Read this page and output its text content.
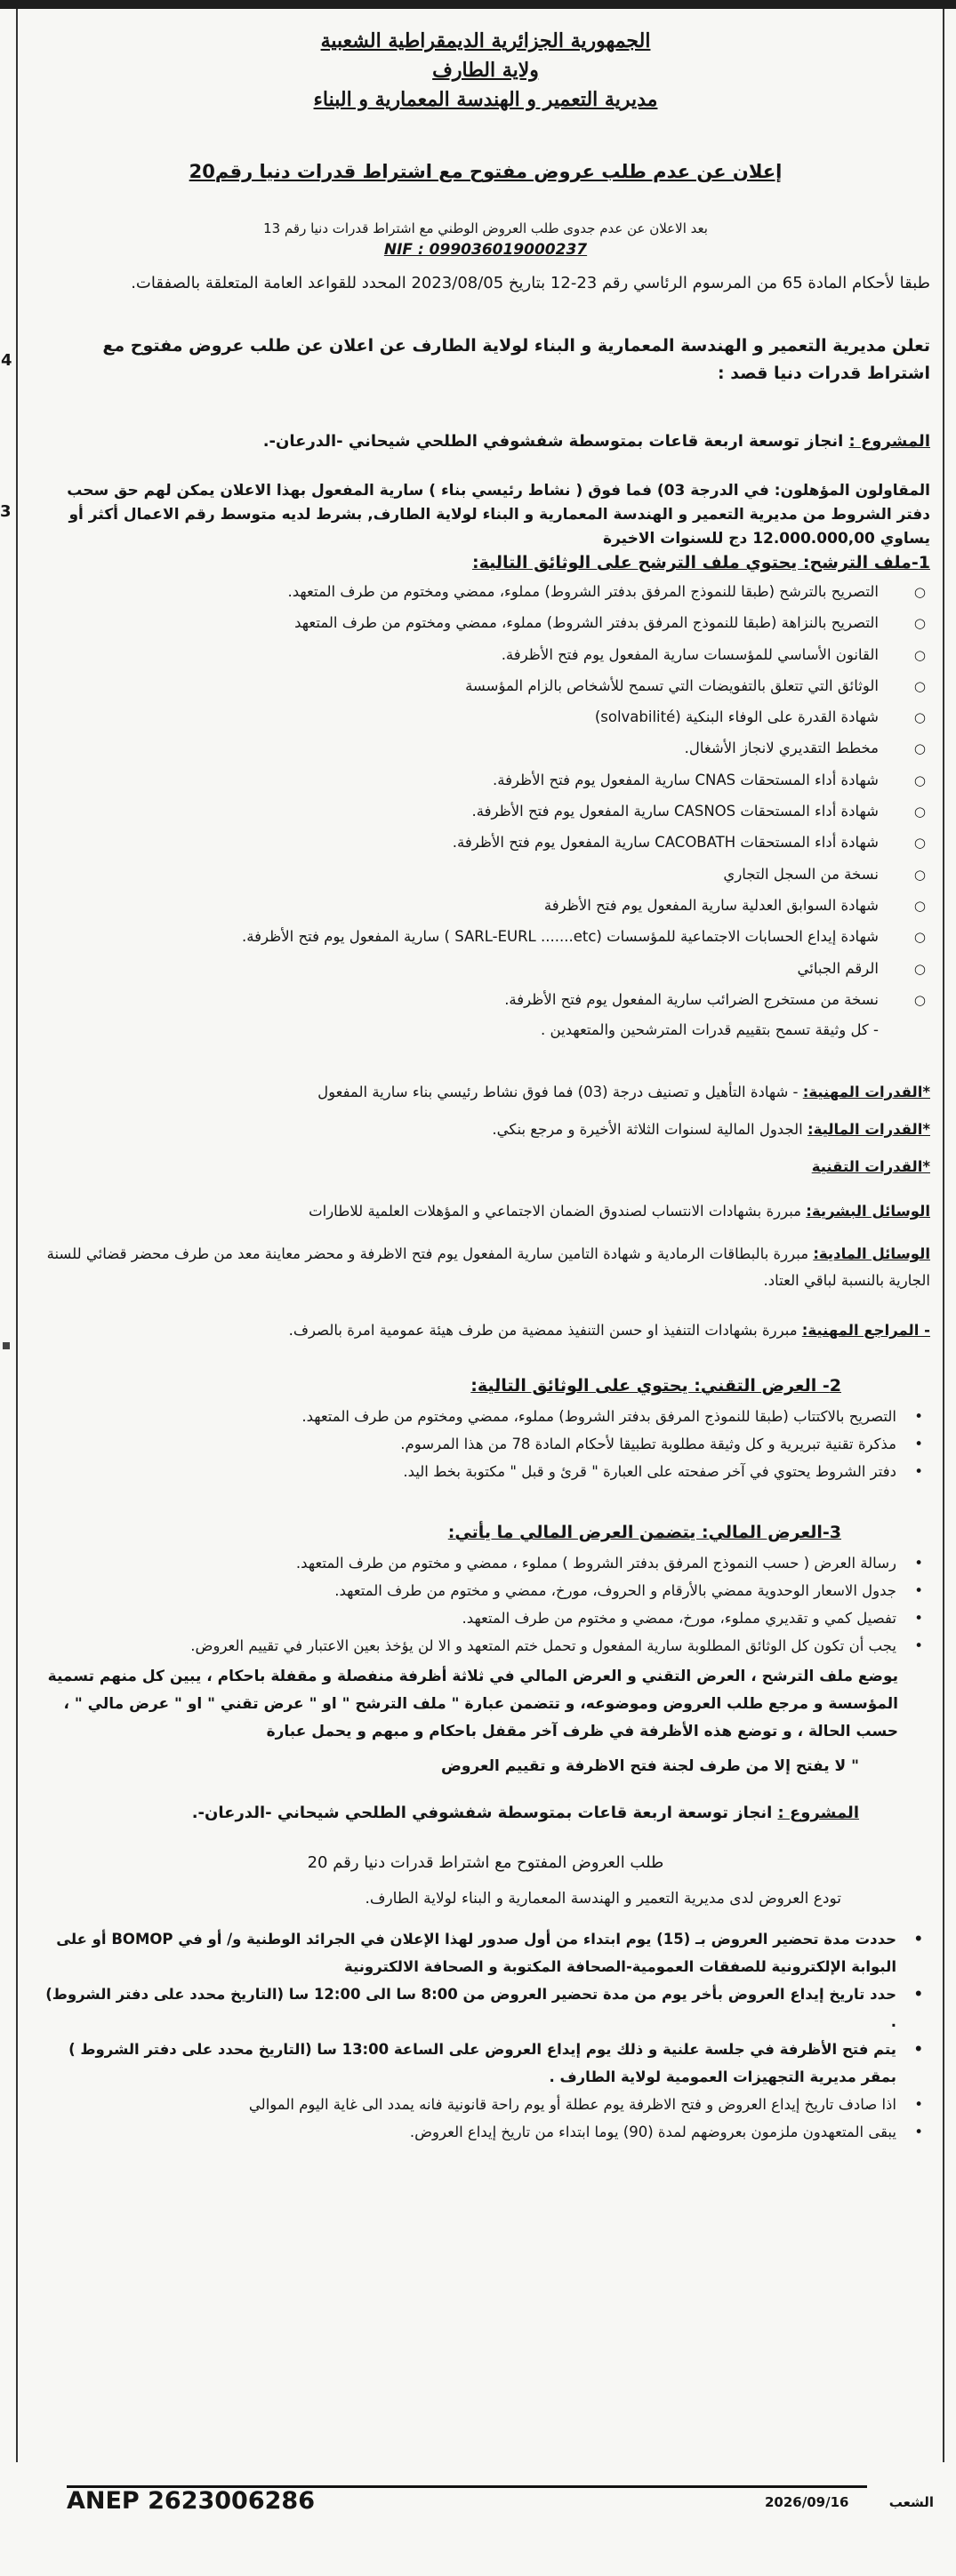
4
3

الجمهورية الجزائرية الديمقراطية الشعبية

ولاية الطارف

مديرية التعمير و الهندسة المعمارية و البناء

إعلان عن عدم طلب عروض مفتوح مع اشتراط قدرات دنيا رقم20

بعد الاعلان عن عدم جدوى طلب العروض الوطني مع اشتراط قدرات دنيا رقم 13

NIF : 099036019000237

طبقا لأحكام المادة 65 من المرسوم الرئاسي رقم 23-12 بتاريخ 2023/08/05 المحدد للقواعد العامة المتعلقة بالصفقات.

تعلن مديرية التعمير و الهندسة المعمارية و البناء لولاية الطارف عن اعلان عن طلب عروض مفتوح مع اشتراط قدرات دنيا قصد :

المشروع : انجاز توسعة اربعة قاعات بمتوسطة شفشوفي الطلحي شيحاني -الدرعان-.

المقاولون المؤهلون: في الدرجة 03) فما فوق ( نشاط رئيسي بناء ) سارية المفعول بهذا الاعلان يمكن لهم حق سحب دفتر الشروط من مديرية التعمير و الهندسة المعمارية و البناء لولاية الطارف, بشرط لديه متوسط رقم الاعمال أكثر أو يساوي 12.000.000,00 دج للسنوات الاخيرة

1-ملف الترشح: يحتوي ملف الترشح على الوثائق التالية:

○
التصريح بالترشح (طبقا للنموذج المرفق بدفتر الشروط) مملوء، ممضي ومختوم من طرف المتعهد.
○
التصريح بالنزاهة (طبقا للنموذج المرفق بدفتر الشروط) مملوء، ممضي ومختوم من طرف المتعهد
○
القانون الأساسي للمؤسسات سارية المفعول يوم فتح الأظرفة.
○
الوثائق التي تتعلق بالتفويضات التي تسمح للأشخاص بالزام المؤسسة
○
شهادة القدرة على الوفاء البنكية (solvabilité)
○
مخطط التقديري لانجاز الأشغال.
○
شهادة أداء المستحقات CNAS سارية المفعول يوم فتح الأظرفة.
○
شهادة أداء المستحقات CASNOS سارية المفعول يوم فتح الأظرفة.
○
شهادة أداء المستحقات CACOBATH سارية المفعول يوم فتح الأظرفة.
○
نسخة من السجل التجاري
○
شهادة السوابق العدلية سارية المفعول يوم فتح الأظرفة
○
شهادة إيداع الحسابات الاجتماعية للمؤسسات (SARL-EURL .......etc ) سارية المفعول يوم فتح الأظرفة.
○
الرقم الجبائي
○
نسخة من مستخرج الضرائب سارية المفعول يوم فتح الأظرفة.

- كل وثيقة تسمح بتقييم قدرات المترشحين والمتعهدين .

*القدرات المهنية: - شهادة التأهيل و تصنيف درجة (03) فما فوق نشاط رئيسي بناء سارية المفعول

*القدرات المالية: الجدول المالية لسنوات الثلاثة الأخيرة و مرجع بنكي.

*القدرات التقنية

الوسائل البشرية: مبررة بشهادات الانتساب لصندوق الضمان الاجتماعي و المؤهلات العلمية للاطارات

الوسائل المادية: مبررة بالبطاقات الرمادية و شهادة التامين سارية المفعول يوم فتح الاظرفة و محضر معاينة معد من طرف محضر قضائي للسنة الجارية بالنسبة لباقي العتاد.

- المراجع المهنية: مبررة بشهادات التنفيذ او حسن التنفيذ ممضية من طرف هيئة عمومية امرة بالصرف.

2- العرض التقني: يحتوي على الوثائق التالية:

•
التصريح بالاكتتاب (طبقا للنموذج المرفق بدفتر الشروط) مملوء، ممضي ومختوم من طرف المتعهد.
•
مذكرة تقنية تبريرية و كل وثيقة مطلوبة تطبيقا لأحكام المادة 78 من هذا المرسوم.
•
دفتر الشروط يحتوي في آخر صفحته على العبارة " قرئ و قبل " مكتوبة بخط اليد.

3-العرض المالي: يتضمن العرض المالي ما يأتي:

•
رسالة العرض ( حسب النموذج المرفق بدفتر الشروط ) مملوء ، ممضي و مختوم من طرف المتعهد.
•
جدول الاسعار الوحدوية ممضي بالأرقام و الحروف، مورخ، ممضي و مختوم من طرف المتعهد.
•
تفصيل كمي و تقديري مملوء، مورخ، ممضي و مختوم من طرف المتعهد.
•
يجب أن تكون كل الوثائق المطلوبة سارية المفعول و تحمل ختم المتعهد و الا لن يؤخذ بعين الاعتبار في تقييم العروض.

يوضع ملف الترشح ، العرض التقني و العرض المالي في ثلاثة أظرفة منفصلة و مقفلة باحكام ، يبين كل منهم تسمية المؤسسة و مرجع طلب العروض وموضوعه، و تتضمن عبارة " ملف الترشح " او " عرض تقني " او " عرض مالي " ، حسب الحالة ، و توضع هذه الأظرفة في ظرف آخر مقفل باحكام و مبهم و يحمل عبارة

" لا يفتح إلا من طرف لجنة فتح الاظرفة و تقييم العروض

المشروع : انجاز توسعة اربعة قاعات بمتوسطة شفشوفي الطلحي شيحاني -الدرعان-.

طلب العروض المفتوح مع اشتراط قدرات دنيا رقم 20

تودع العروض لدى مديرية التعمير و الهندسة المعمارية و البناء لولاية الطارف.

•
حددت مدة تحضير العروض بـ (15) يوم ابتداء من أول صدور لهذا الإعلان في الجرائد الوطنية و/ أو في BOMOP أو على البوابة الإلكترونية للصفقات العمومية-الصحافة المكتوبة و الصحافة الالكترونية
•
حدد تاريخ إيداع العروض بأخر يوم من مدة تحضير العروض من 8:00 سا الى 12:00 سا (التاريخ محدد على دفتر الشروط) .
•
يتم فتح الأظرفة في جلسة علنية و ذلك يوم إيداع العروض على الساعة 13:00 سا (التاريخ محدد على دفتر الشروط ) بمقر مديرية التجهيزات العمومية لولاية الطارف .
•
اذا صادف تاريخ إيداع العروض و فتح الاظرفة يوم عطلة أو يوم راحة قانونية فانه يمدد الى غاية اليوم الموالي
•
يبقى المتعهدون ملزمون بعروضهم لمدة (90) يوما ابتداء من تاريخ إيداع العروض.
ANEP 2623006286	الشعب 2026/09/16
